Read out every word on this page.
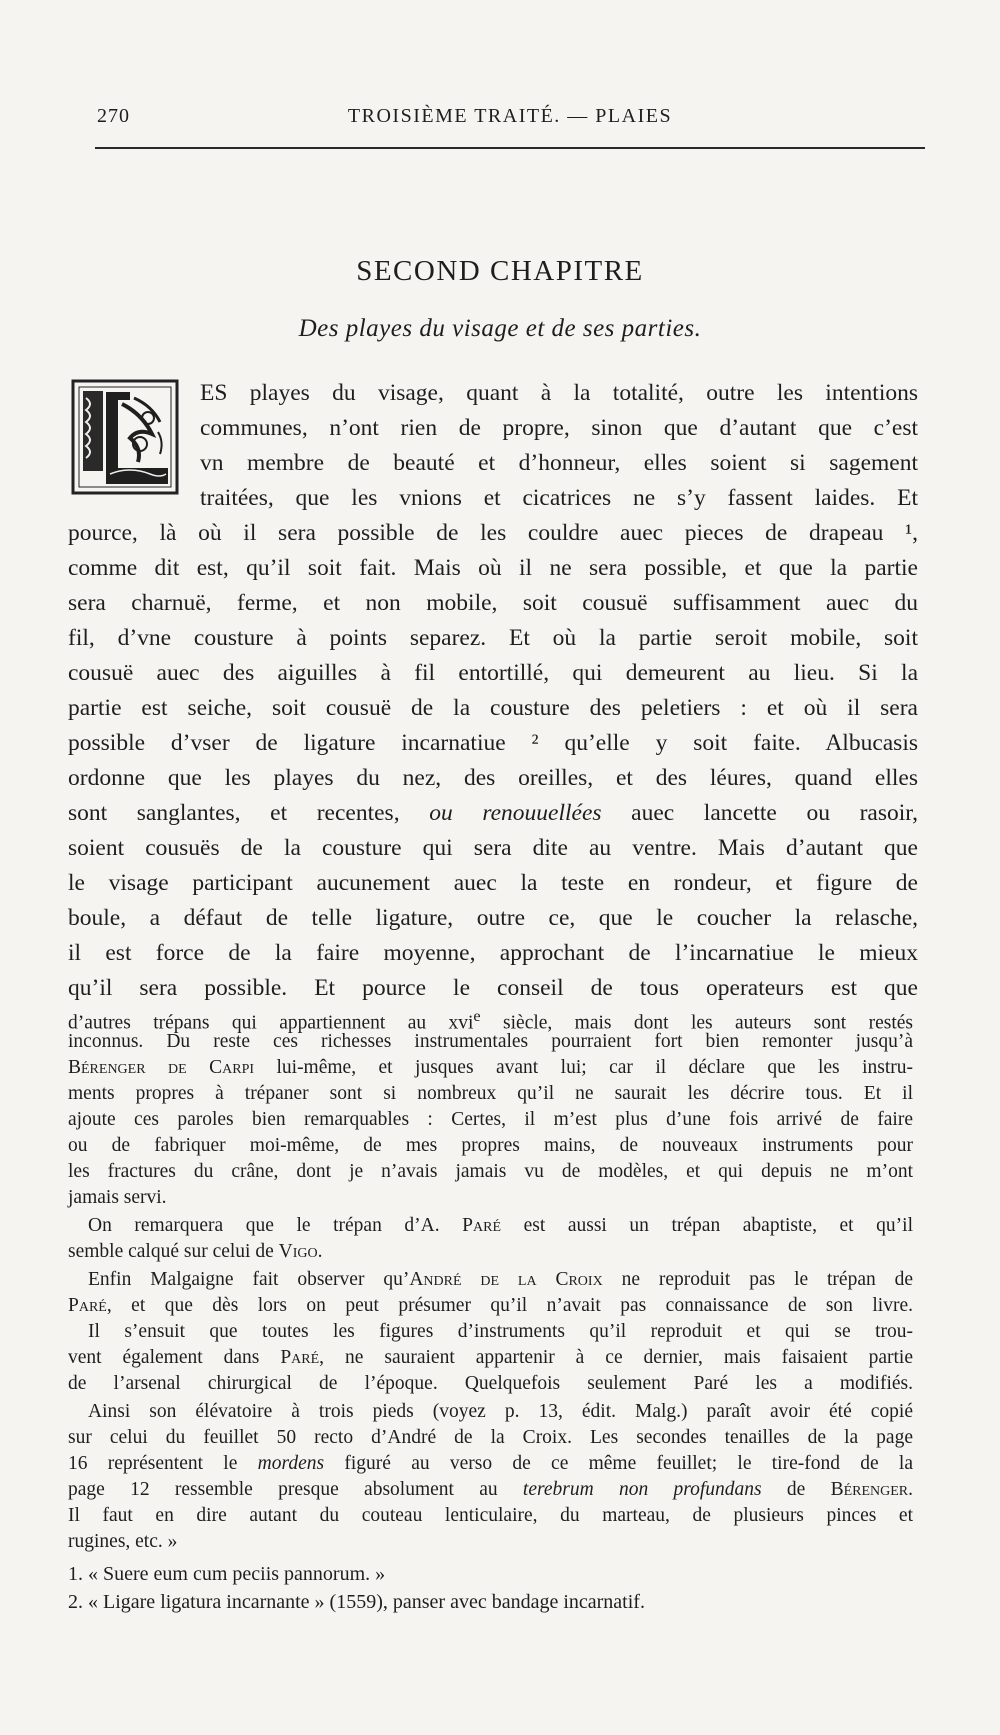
270	TROISIÈME TRAITÉ. — PLAIES
SECOND CHAPITRE
Des playes du visage et de ses parties.
ES playes du visage, quant à la totalité, outre les intentions
communes, n’ont rien de propre, sinon que d’autant que c’est
vn membre de beauté et d’honneur, elles soient si sagement
traitées, que les vnions et cicatrices ne s’y fassent laides. Et
pource, là où il sera possible de les couldre auec pieces de drapeau ¹,
comme dit est, qu’il soit fait. Mais où il ne sera possible, et que la partie
sera charnuë, ferme, et non mobile, soit cousuë suffisamment auec du
fil, d’vne cousture à points separez. Et où la partie seroit mobile, soit
cousuë auec des aiguilles à fil entortillé, qui demeurent au lieu. Si la
partie est seiche, soit cousuë de la cousture des peletiers : et où il sera
possible d’vser de ligature incarnatiue ² qu’elle y soit faite. Albucasis
ordonne que les playes du nez, des oreilles, et des léures, quand elles
sont sanglantes, et recentes, ou renouuellées auec lancette ou rasoir,
soient cousuës de la cousture qui sera dite au ventre. Mais d’autant que
le visage participant aucunement auec la teste en rondeur, et figure de
boule, a défaut de telle ligature, outre ce, que le coucher la relasche,
il est force de la faire moyenne, approchant de l’incarnatiue le mieux
qu’il sera possible. Et pource le conseil de tous operateurs est que
d’autres trépans qui appartiennent au xvi$^e$ siècle, mais dont les auteurs sont restés
inconnus. Du reste ces richesses instrumentales pourraient fort bien remonter jusqu’à
Bérenger de Carpi lui-même, et jusques avant lui; car il déclare que les instru-
ments propres à trépaner sont si nombreux qu’il ne saurait les décrire tous. Et il
ajoute ces paroles bien remarquables : Certes, il m’est plus d’une fois arrivé de faire
ou de fabriquer moi-même, de mes propres mains, de nouveaux instruments pour
les fractures du crâne, dont je n’avais jamais vu de modèles, et qui depuis ne m’ont
jamais servi.
On remarquera que le trépan d’A. Paré est aussi un trépan abaptiste, et qu’il
semble calqué sur celui de Vigo.
Enfin Malgaigne fait observer qu’André de la Croix ne reproduit pas le trépan de
Paré, et que dès lors on peut présumer qu’il n’avait pas connaissance de son livre.
Il s’ensuit que toutes les figures d’instruments qu’il reproduit et qui se trou-
vent également dans Paré, ne sauraient appartenir à ce dernier, mais faisaient partie
de l’arsenal chirurgical de l’époque. Quelquefois seulement Paré les a modifiés.
Ainsi son élévatoire à trois pieds (voyez p. 13, édit. Malg.) paraît avoir été copié
sur celui du feuillet 50 recto d’André de la Croix. Les secondes tenailles de la page
16 représentent le mordens figuré au verso de ce même feuillet; le tire-fond de la
page 12 ressemble presque absolument au terebrum non profundans de Bérenger.
Il faut en dire autant du couteau lenticulaire, du marteau, de plusieurs pinces et
rugines, etc. »
1. « Suere eum cum peciis pannorum. »
2. « Ligare ligatura incarnante » (1559), panser avec bandage incarnatif.
